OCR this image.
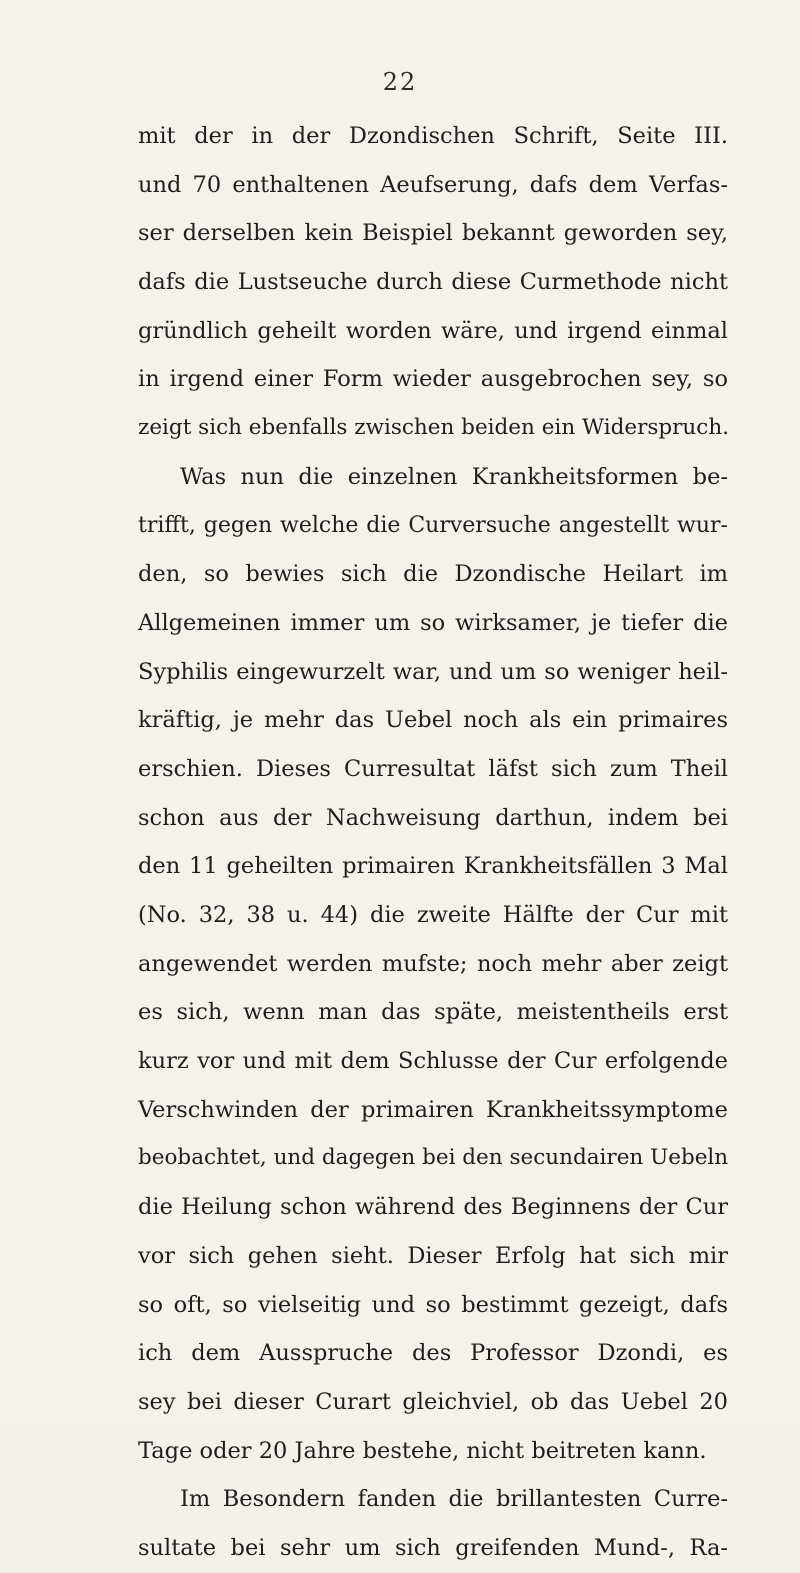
22
mit der in der Dzondischen Schrift, Seite III.
und 70 enthaltenen Aeufserung, dafs dem Verfas-
ser derselben kein Beispiel bekannt geworden sey,
dafs die Lustseuche durch diese Curmethode nicht
gründlich geheilt worden wäre, und irgend einmal
in irgend einer Form wieder ausgebrochen sey, so
zeigt sich ebenfalls zwischen beiden ein Widerspruch.
Was nun die einzelnen Krankheitsformen be-
trifft, gegen welche die Curversuche angestellt wur-
den, so bewies sich die Dzondische Heilart im
Allgemeinen immer um so wirksamer, je tiefer die
Syphilis eingewurzelt war, und um so weniger heil-
kräftig, je mehr das Uebel noch als ein primaires
erschien. Dieses Curresultat läfst sich zum Theil
schon aus der Nachweisung darthun, indem bei
den 11 geheilten primairen Krankheitsfällen 3 Mal
(No. 32, 38 u. 44) die zweite Hälfte der Cur mit
angewendet werden mufste; noch mehr aber zeigt
es sich, wenn man das späte, meistentheils erst
kurz vor und mit dem Schlusse der Cur erfolgende
Verschwinden der primairen Krankheitssymptome
beobachtet, und dagegen bei den secundairen Uebeln
die Heilung schon während des Beginnens der Cur
vor sich gehen sieht. Dieser Erfolg hat sich mir
so oft, so vielseitig und so bestimmt gezeigt, dafs
ich dem Ausspruche des Professor Dzondi, es
sey bei dieser Curart gleichviel, ob das Uebel 20
Tage oder 20 Jahre bestehe, nicht beitreten kann.
Im Besondern fanden die brillantesten Curre-
sultate bei sehr um sich greifenden Mund-, Ra-
